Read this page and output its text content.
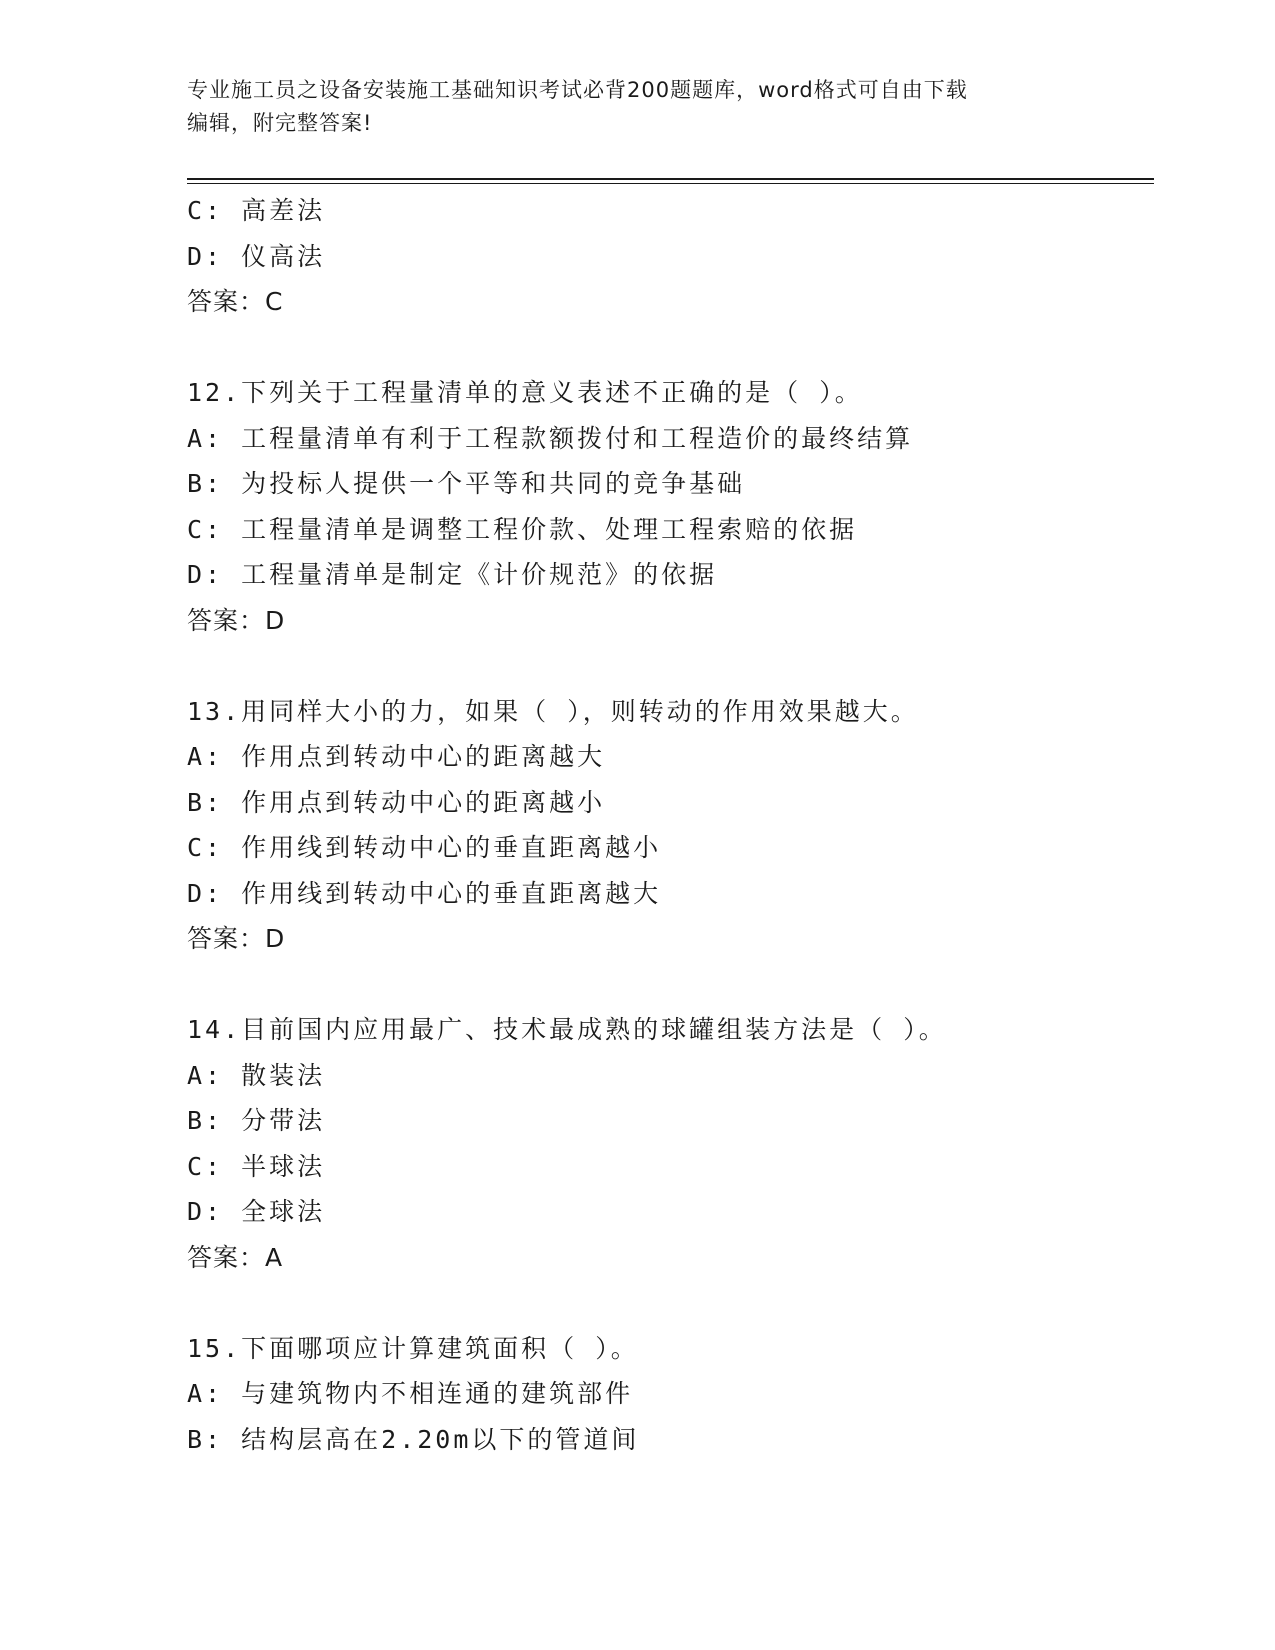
专业施工员之设备安装施工基础知识考试必背200题题库，word格式可自由下载
编辑，附完整答案!
C: 高差法
D: 仪高法
答案：C
12.下列关于工程量清单的意义表述不正确的是（ ）。
A: 工程量清单有利于工程款额拨付和工程造价的最终结算
B: 为投标人提供一个平等和共同的竞争基础
C: 工程量清单是调整工程价款、处理工程索赔的依据
D: 工程量清单是制定《计价规范》的依据
答案：D
13.用同样大小的力，如果（ ），则转动的作用效果越大。
A: 作用点到转动中心的距离越大
B: 作用点到转动中心的距离越小
C: 作用线到转动中心的垂直距离越小
D: 作用线到转动中心的垂直距离越大
答案：D
14.目前国内应用最广、技术最成熟的球罐组装方法是（ ）。
A: 散装法
B: 分带法
C: 半球法
D: 全球法
答案：A
15.下面哪项应计算建筑面积（ ）。
A: 与建筑物内不相连通的建筑部件
B: 结构层高在2.20m以下的管道间
